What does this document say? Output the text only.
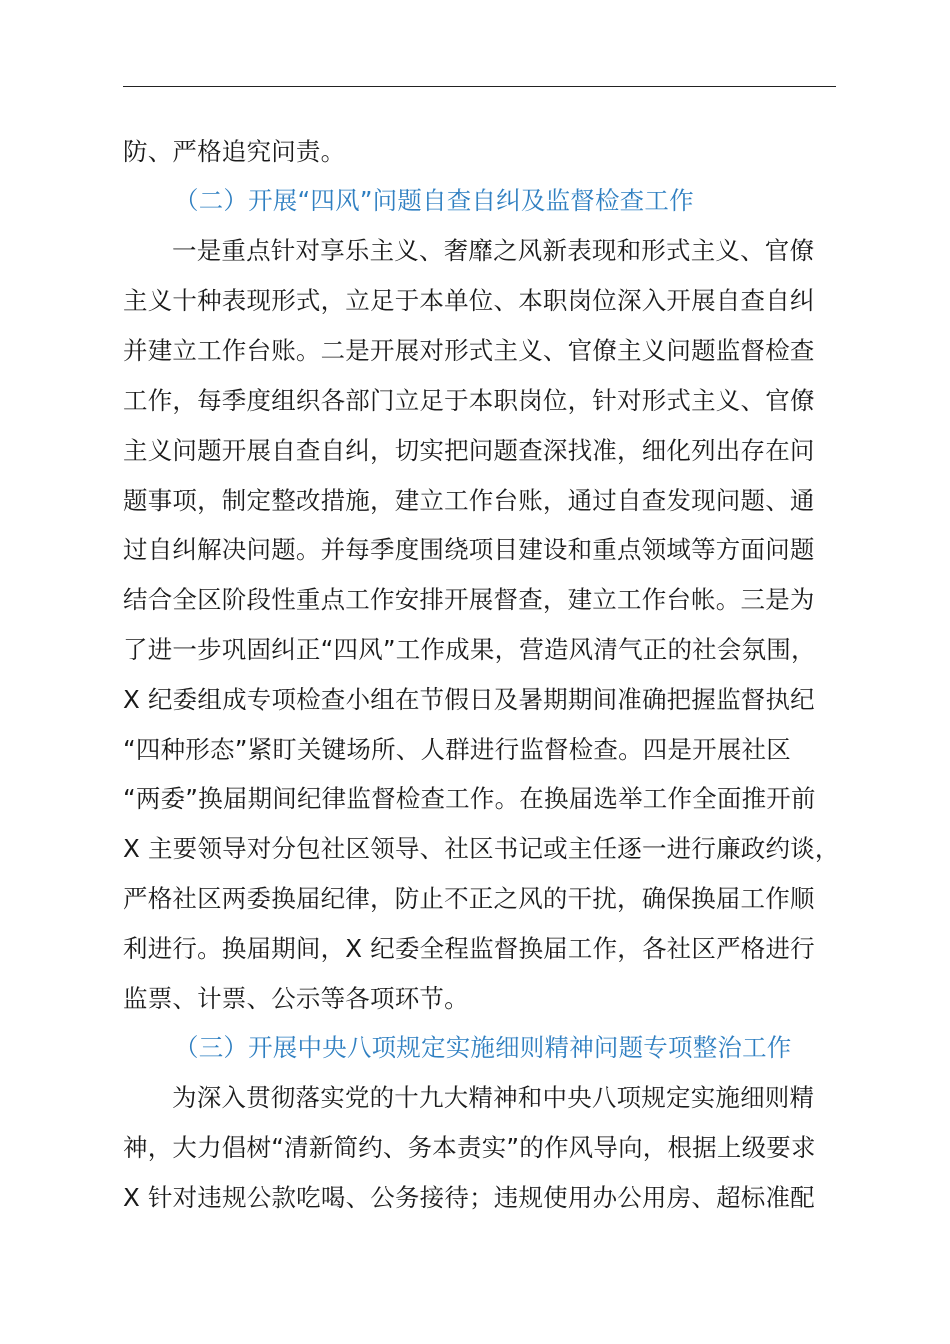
防、严格追究问责。
（二）开展“四风”问题自查自纠及监督检查工作
一是重点针对享乐主义、奢靡之风新表现和形式主义、官僚
主义十种表现形式，立足于本单位、本职岗位深入开展自查自纠
并建立工作台账。二是开展对形式主义、官僚主义问题监督检查
工作，每季度组织各部门立足于本职岗位，针对形式主义、官僚
主义问题开展自查自纠，切实把问题查深找准，细化列出存在问
题事项，制定整改措施，建立工作台账，通过自查发现问题、通
过自纠解决问题。并每季度围绕项目建设和重点领域等方面问题
结合全区阶段性重点工作安排开展督查，建立工作台帐。三是为
了进一步巩固纠正“四风”工作成果，营造风清气正的社会氛围，
X 纪委组成专项检查小组在节假日及暑期期间准确把握监督执纪
“四种形态”紧盯关键场所、人群进行监督检查。四是开展社区
“两委”换届期间纪律监督检查工作。在换届选举工作全面推开前
X 主要领导对分包社区领导、社区书记或主任逐一进行廉政约谈，
严格社区两委换届纪律，防止不正之风的干扰，确保换届工作顺
利进行。换届期间，X 纪委全程监督换届工作，各社区严格进行
监票、计票、公示等各项环节。
（三）开展中央八项规定实施细则精神问题专项整治工作
为深入贯彻落实党的十九大精神和中央八项规定实施细则精
神，大力倡树“清新简约、务本责实”的作风导向，根据上级要求
X 针对违规公款吃喝、公务接待；违规使用办公用房、超标准配
